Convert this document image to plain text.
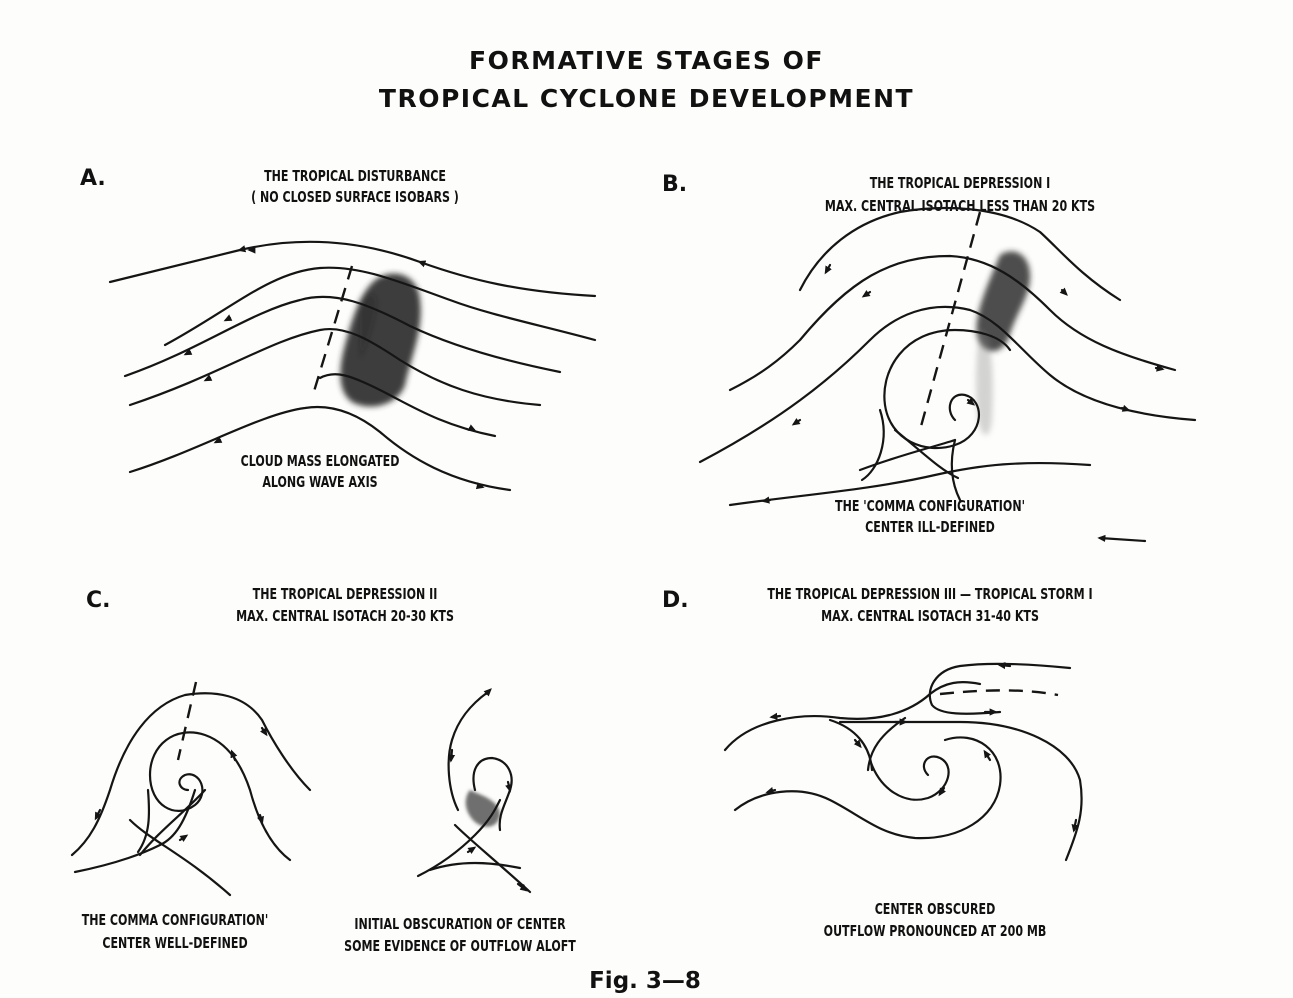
FORMATIVE STAGES OF
TROPICAL CYCLONE DEVELOPMENT
A.	THE TROPICAL DISTURBANCE
( NO CLOSED SURFACE ISOBARS )
CLOUD MASS ELONGATED
ALONG WAVE AXIS
B.	THE TROPICAL DEPRESSION I
MAX. CENTRAL ISOTACH LESS THAN 20 KTS
THE 'COMMA CONFIGURATION'
CENTER ILL-DEFINED
C.	THE TROPICAL DEPRESSION II
MAX. CENTRAL ISOTACH 20-30 KTS
THE COMMA CONFIGURATION'
CENTER WELL-DEFINED
INITIAL OBSCURATION OF CENTER
SOME EVIDENCE OF OUTFLOW ALOFT
D.	THE TROPICAL DEPRESSION III — TROPICAL STORM I
MAX. CENTRAL ISOTACH 31-40 KTS
CENTER OBSCURED
OUTFLOW PRONOUNCED AT 200 MB
Fig. 3—8
